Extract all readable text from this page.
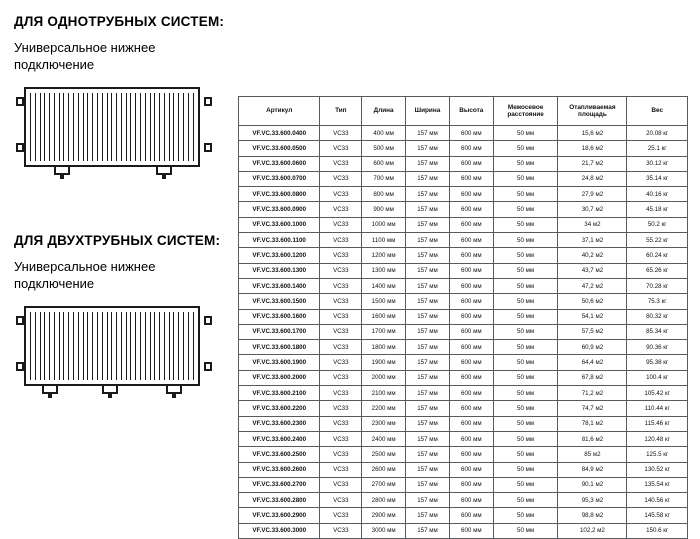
ДЛЯ ОДНОТРУБНЫХ СИСТЕМ:
Универсальное нижнее подключение
ДЛЯ ДВУХТРУБНЫХ СИСТЕМ:
Универсальное нижнее подключение
Артикул	Тип	Длина	Ширина	Высота	Межосевое расстояние	Отапливаемая площадь	Вес
VF.VC.33.600.0400	VC33	400 мм	157 мм	600 мм	50 мм	15,6 м2	20.08 кг
VF.VC.33.600.0500	VC33	500 мм	157 мм	600 мм	50 мм	18,6 м2	25.1 кг
VF.VC.33.600.0600	VC33	600 мм	157 мм	600 мм	50 мм	21,7 м2	30.12 кг
VF.VC.33.600.0700	VC33	700 мм	157 мм	600 мм	50 мм	24,8 м2	35.14 кг
VF.VC.33.600.0800	VC33	800 мм	157 мм	600 мм	50 мм	27,9 м2	40.16 кг
VF.VC.33.600.0900	VC33	900 мм	157 мм	600 мм	50 мм	30,7 м2	45.18 кг
VF.VC.33.600.1000	VC33	1000 мм	157 мм	600 мм	50 мм	34 м2	50.2 кг
VF.VC.33.600.1100	VC33	1100 мм	157 мм	600 мм	50 мм	37,1 м2	55.22 кг
VF.VC.33.600.1200	VC33	1200 мм	157 мм	600 мм	50 мм	40,2 м2	60.24 кг
VF.VC.33.600.1300	VC33	1300 мм	157 мм	600 мм	50 мм	43,7 м2	65.26 кг
VF.VC.33.600.1400	VC33	1400 мм	157 мм	600 мм	50 мм	47,2 м2	70.28 кг
VF.VC.33.600.1500	VC33	1500 мм	157 мм	600 мм	50 мм	50,6 м2	75.3 кг
VF.VC.33.600.1600	VC33	1600 мм	157 мм	600 мм	50 мм	54,1 м2	80.32 кг
VF.VC.33.600.1700	VC33	1700 мм	157 мм	600 мм	50 мм	57,5 м2	85.34 кг
VF.VC.33.600.1800	VC33	1800 мм	157 мм	600 мм	50 мм	60,9 м2	90.36 кг
VF.VC.33.600.1900	VC33	1900 мм	157 мм	600 мм	50 мм	64,4 м2	95.38 кг
VF.VC.33.600.2000	VC33	2000 мм	157 мм	600 мм	50 мм	67,8 м2	100.4 кг
VF.VC.33.600.2100	VC33	2100 мм	157 мм	600 мм	50 мм	71,2 м2	105.42 кг
VF.VC.33.600.2200	VC33	2200 мм	157 мм	600 мм	50 мм	74,7 м2	110.44 кг
VF.VC.33.600.2300	VC33	2300 мм	157 мм	600 мм	50 мм	78,1 м2	115.46 кг
VF.VC.33.600.2400	VC33	2400 мм	157 мм	600 мм	50 мм	81,6 м2	120.48 кг
VF.VC.33.600.2500	VC33	2500 мм	157 мм	600 мм	50 мм	85 м2	125.5 кг
VF.VC.33.600.2600	VC33	2600 мм	157 мм	600 мм	50 мм	84,9 м2	130.52 кг
VF.VC.33.600.2700	VC33	2700 мм	157 мм	600 мм	50 мм	90,1 м2	135.54 кг
VF.VC.33.600.2800	VC33	2800 мм	157 мм	600 мм	50 мм	95,3 м2	140.56 кг
VF.VC.33.600.2900	VC33	2900 мм	157 мм	600 мм	50 мм	98,8 м2	145.58 кг
VF.VC.33.600.3000	VC33	3000 мм	157 мм	600 мм	50 мм	102,2 м2	150.6 кг
